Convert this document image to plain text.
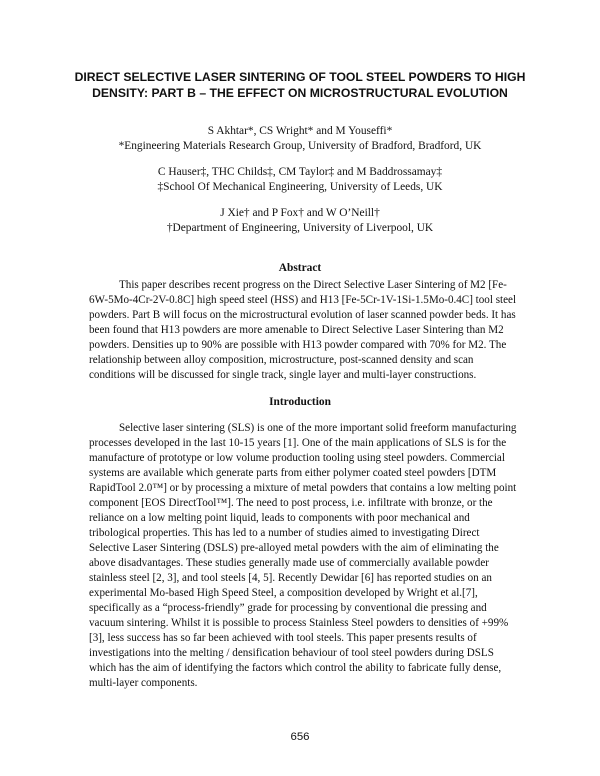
DIRECT SELECTIVE LASER SINTERING OF TOOL STEEL POWDERS TO HIGH
DENSITY: PART B – THE EFFECT ON MICROSTRUCTURAL EVOLUTION
S Akhtar*, CS Wright* and M Youseffi*
*Engineering Materials Research Group, University of Bradford, Bradford, UK
C Hauser‡, THC Childs‡, CM Taylor‡ and M Baddrossamay‡
‡School Of Mechanical Engineering, University of Leeds, UK
J Xie† and P Fox† and W O’Neill†
†Department of Engineering, University of Liverpool, UK
Abstract
This paper describes recent progress on the Direct Selective Laser Sintering of M2 [Fe- 6W-5Mo-4Cr-2V-0.8C] high speed steel (HSS) and H13 [Fe-5Cr-1V-1Si-1.5Mo-0.4C] tool steel powders. Part B will focus on the microstructural evolution of laser scanned powder beds. It has been found that H13 powders are more amenable to Direct Selective Laser Sintering than M2 powders. Densities up to 90% are possible with H13 powder compared with 70% for M2. The relationship between alloy composition, microstructure, post-scanned density and scan conditions will be discussed for single track, single layer and multi-layer constructions.
Introduction
Selective laser sintering (SLS) is one of the more important solid freeform manufacturing processes developed in the last 10-15 years [1]. One of the main applications of SLS is for the manufacture of prototype or low volume production tooling using steel powders. Commercial systems are available which generate parts from either polymer coated steel powders [DTM RapidTool 2.0™] or by processing a mixture of metal powders that contains a low melting point component [EOS DirectTool™]. The need to post process, i.e. infiltrate with bronze, or the reliance on a low melting point liquid, leads to components with poor mechanical and tribological properties. This has led to a number of studies aimed to investigating Direct Selective Laser Sintering (DSLS) pre-alloyed metal powders with the aim of eliminating the above disadvantages. These studies generally made use of commercially available powder stainless steel [2, 3], and tool steels [4, 5]. Recently Dewidar [6] has reported studies on an experimental Mo-based High Speed Steel, a composition developed by Wright et al.[7], specifically as a “process-friendly” grade for processing by conventional die pressing and vacuum sintering. Whilst it is possible to process Stainless Steel powders to densities of +99% [3], less success has so far been achieved with tool steels. This paper presents results of investigations into the melting / densification behaviour of tool steel powders during DSLS which has the aim of identifying the factors which control the ability to fabricate fully dense, multi-layer components.
656
